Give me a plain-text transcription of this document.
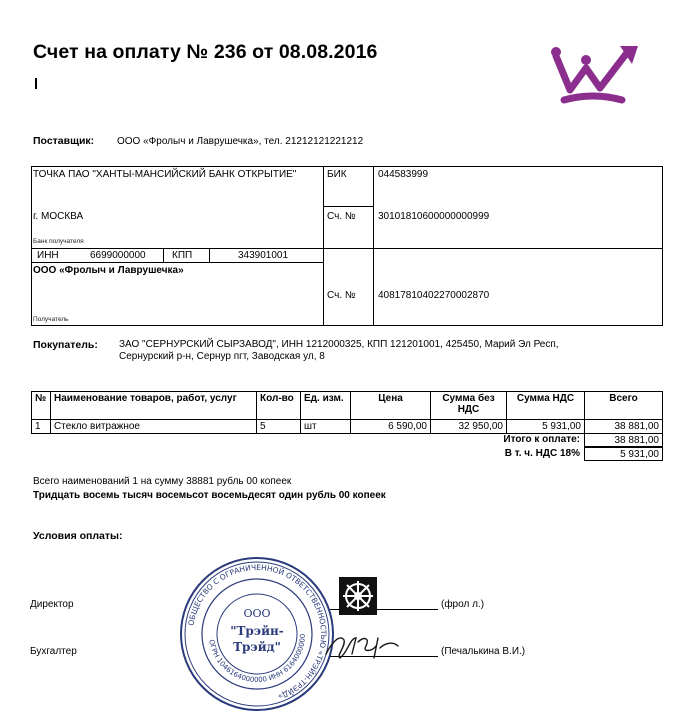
Счет на оплату № 236 от 08.08.2016
Поставщик: ООО «Фролыч и Лаврушечка», тел. 21212121221212
ТОЧКА ПАО "ХАНТЫ-МАНСИЙСКИЙ БАНК ОТКРЫТИЕ"
г. МОСКВА
Банк получателя
БИК	044583999
Сч. № 30101810600000000999
ИНН	6699000000	КПП	343901001
ООО «Фролыч и Лаврушечка»
Получатель
Сч. № 40817810402270002870
Покупатель: ЗАО "СЕРНУРСКИЙ СЫРЗАВОД", ИНН 1212000325, КПП 121201001, 425450, Марий Эл Респ,
Сернурский р-н, Сернур пгт, Заводская ул, 8
№	Наименование товаров, работ, услуг	Кол-во	Ед. изм.	Цена	Сумма без НДС	Сумма НДС	Всего
1	Стекло витражное	5	шт	6 590,00	32 950,00	5 931,00	38 881,00
Итого к оплате:	38 881,00
В т. ч. НДС 18%	5 931,00
Всего наименований 1 на сумму 38881 рубль 00 копеек
Тридцать восемь тысяч восемьсот восемьдесят один рубль 00 копеек
Условия оплаты:
Директор	(фрол л.)
Бухгалтер	(Печалькина В.И.)
ОБЩЕСТВО С ОГРАНИЧЕННОЙ ОТВЕТСТВЕННОСТЬЮ «ТРЭЙН-ТРЭЙД»
ОГРН 1046164000000 ИНН 6164000000
ООО
"Трэйн-
Трэйд"
